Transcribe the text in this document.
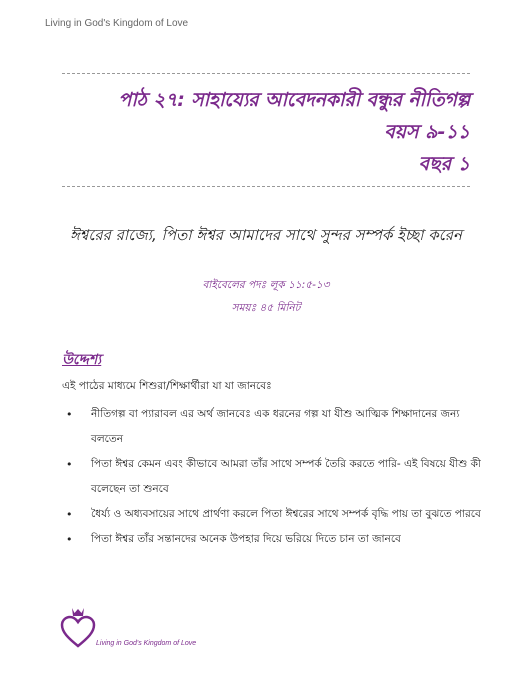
Living in God's Kingdom of Love
পাঠ ২৭: সাহায্যের আবেদনকারী বন্ধুর নীতিগল্প
বয়স ৯-১১
বছর ১
ঈশ্বরের রাজ্যে, পিতা ঈশ্বর আমাদের সাথে সুন্দর সম্পর্ক ইচ্ছা করেন
বাইবেলের পদঃ লূক ১১:৫-১৩
সময়ঃ ৪৫ মিনিট
উদ্দেশ্য
এই পাঠের মাধ্যমে শিশুরা/শিক্ষার্থীরা যা যা জানবেঃ
• নীতিগল্প বা প্যারাবল এর অর্থ জানবেঃ এক ধরনের গল্প যা যীশু আত্মিক শিক্ষাদানের জন্য বলতেন
• পিতা ঈশ্বর কেমন এবং কীভাবে আমরা তাঁর সাথে সম্পর্ক তৈরি করতে পারি- এই বিষয়ে যীশু কী বলেছেন তা শুনবে
• ধৈর্য্য ও অধ্যবসায়ের সাথে প্রার্থণা করলে পিতা ঈশ্বরের সাথে সম্পর্ক বৃদ্ধি পায় তা বুঝতে পারবে
• পিতা ঈশ্বর তাঁর সন্তানদের অনেক উপহার দিয়ে ভরিয়ে দিতে চান তা জানবে
Living in God's Kingdom of Love
